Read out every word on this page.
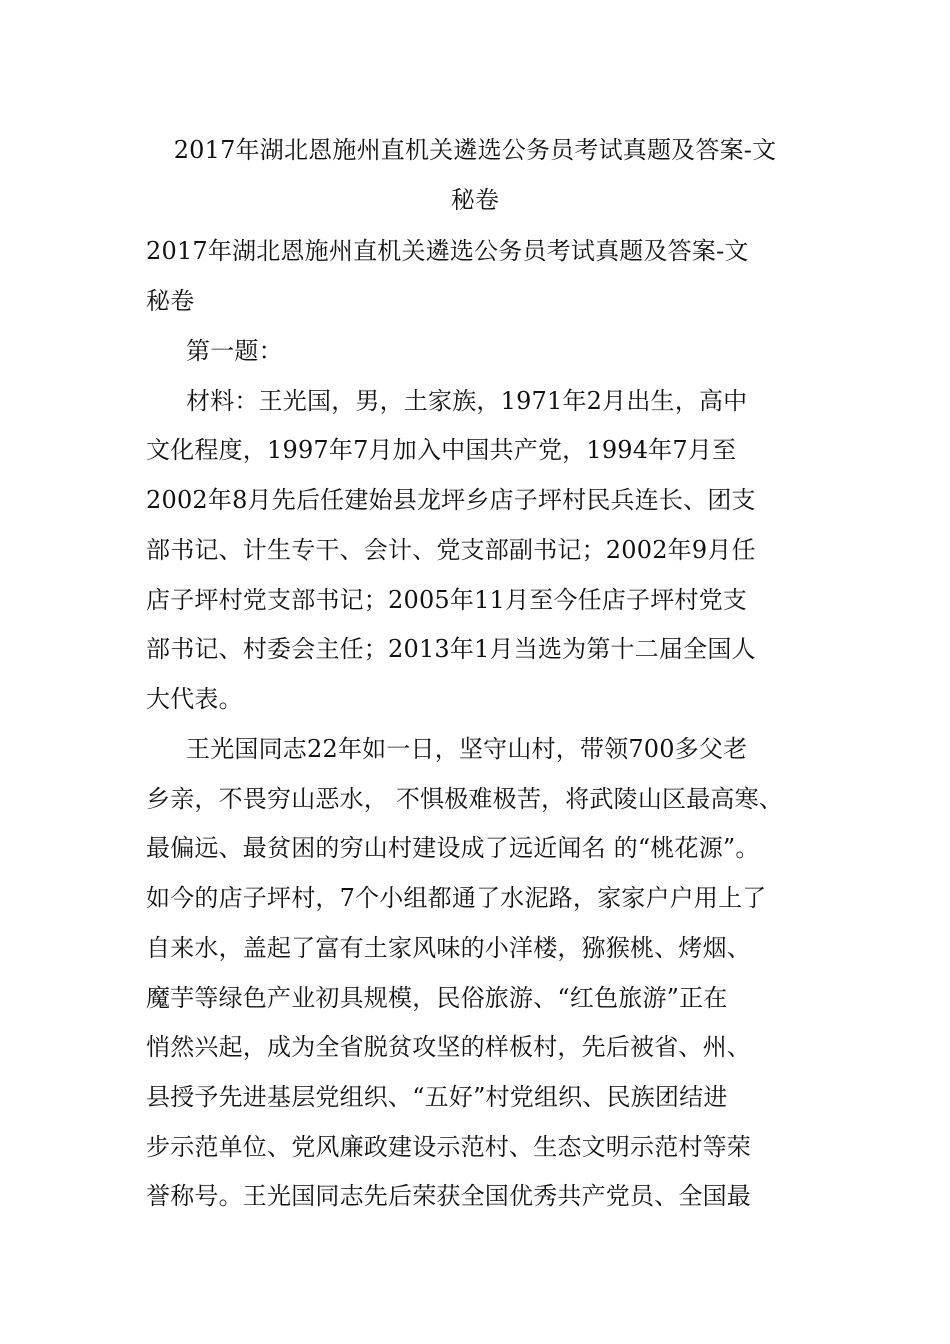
2017年湖北恩施州直机关遴选公务员考试真题及答案-文
秘卷
2017年湖北恩施州直机关遴选公务员考试真题及答案-文
秘卷
第一题：
材料：王光国，男，土家族，1971年2月出生，高中
文化程度，1997年7月加入中国共产党，1994年7月至
2002年8月先后任建始县龙坪乡店子坪村民兵连长、团支
部书记、计生专干、会计、党支部副书记；2002年9月任
店子坪村党支部书记；2005年11月至今任店子坪村党支
部书记、村委会主任；2013年1月当选为第十二届全国人
大代表。
王光国同志22年如一日，坚守山村，带领700多父老
乡亲，不畏穷山恶水， 不惧极难极苦，将武陵山区最高寒、
最偏远、最贫困的穷山村建设成了远近闻名 的“桃花源”。
如今的店子坪村，7个小组都通了水泥路，家家户户用上了
自来水，盖起了富有土家风味的小洋楼，猕猴桃、烤烟、
魔芋等绿色产业初具规模，民俗旅游、“红色旅游”正在
悄然兴起，成为全省脱贫攻坚的样板村，先后被省、州、
县授予先进基层党组织、“五好”村党组织、民族团结进
步示范单位、党风廉政建设示范村、生态文明示范村等荣
誉称号。王光国同志先后荣获全国优秀共产党员、全国最
